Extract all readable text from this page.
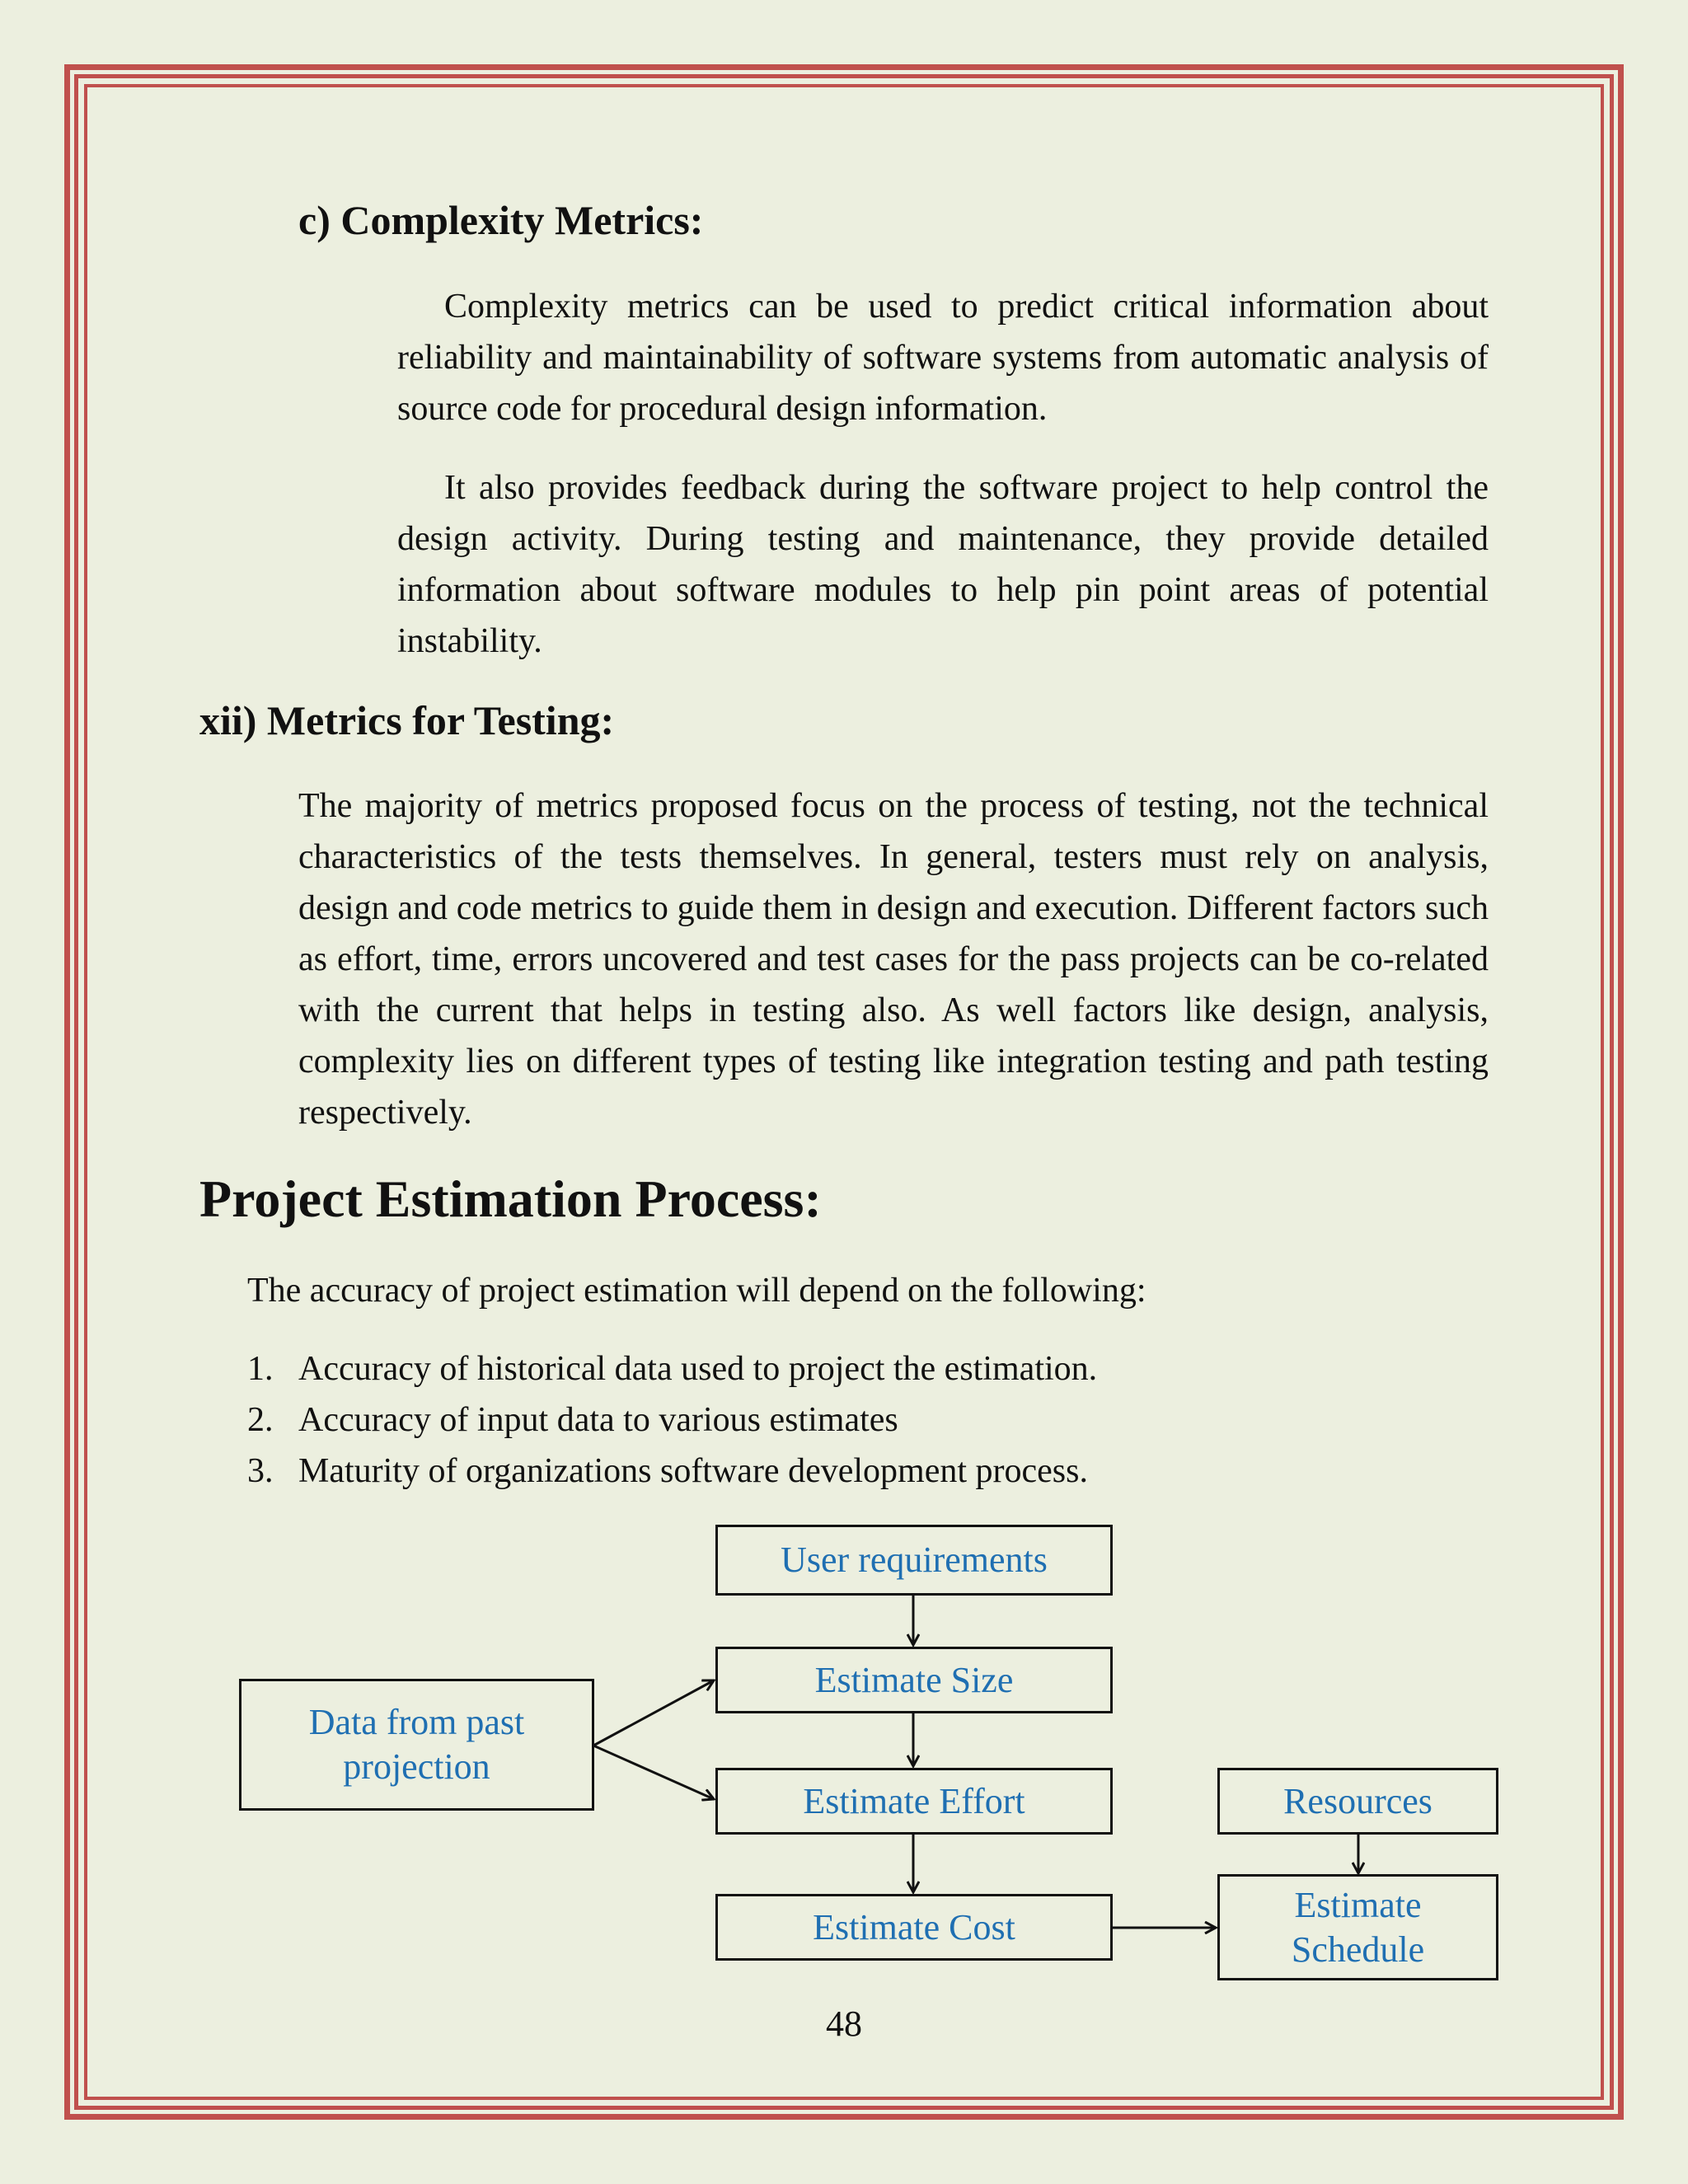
c) Complexity Metrics:
Complexity metrics can be used to predict critical information about reliability and maintainability of software systems from automatic analysis of source code for procedural design information.
It also provides feedback during the software project to help control the design activity. During testing and maintenance, they provide detailed information about software modules to help pin point areas of potential instability.
xii) Metrics for Testing:
The majority of metrics proposed focus on the process of testing, not the technical characteristics of the tests themselves. In general, testers must rely on analysis, design and code metrics to guide them in design and execution. Different factors such as effort, time, errors uncovered and test cases for the pass projects can be co-related with the current that helps in testing also. As well factors like design, analysis, complexity lies on different types of testing like integration testing and path testing respectively.
Project Estimation Process:
The accuracy of project estimation will depend on the following:
1. Accuracy of historical data used to project the estimation.
2. Accuracy of input data to various estimates
3. Maturity of organizations software development process.
User requirements
Estimate Size
Estimate Effort
Estimate Cost
Data from past projection
Resources
Estimate Schedule
48
